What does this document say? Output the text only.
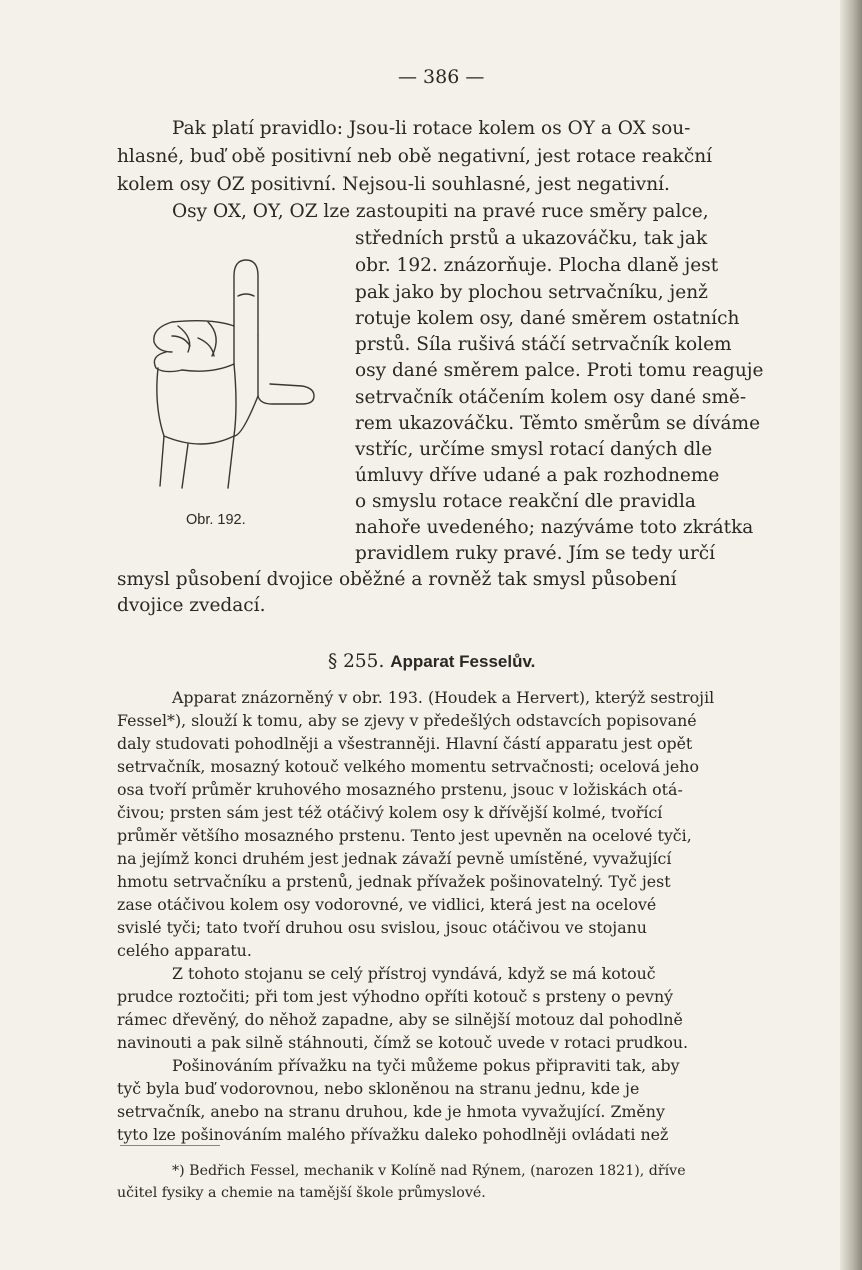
— 386 —
Pak platí pravidlo: Jsou-li rotace kolem os OY a OX sou-
hlasné, buď obě positivní neb obě negativní, jest rotace reakční
kolem osy OZ positivní. Nejsou-li souhlasné, jest negativní.
Osy OX, OY, OZ lze zastoupiti na pravé ruce směry palce,
středních prstů a ukazováčku, tak jak
obr. 192. znázorňuje. Plocha dlaně jest
pak jako by plochou setrvačníku, jenž
rotuje kolem osy, dané směrem ostatních
prstů. Síla rušivá stáčí setrvačník kolem
osy dané směrem palce. Proti tomu reaguje
setrvačník otáčením kolem osy dané smě-
rem ukazováčku. Těmto směrům se díváme
vstříc, určíme smysl rotací daných dle
úmluvy dříve udané a pak rozhodneme
o smyslu rotace reakční dle pravidla
nahoře uvedeného; nazýváme toto zkrátka
pravidlem ruky pravé. Jím se tedy určí
Obr. 192.
smysl působení dvojice oběžné a rovněž tak smysl působení
dvojice zvedací.
§ 255. Apparat Fesselův.
Apparat znázorněný v obr. 193. (Houdek a Hervert), kterýž sestrojil
Fessel*), slouží k tomu, aby se zjevy v předešlých odstavcích popisované
daly studovati pohodlněji a všestranněji. Hlavní částí apparatu jest opět
setrvačník, mosazný kotouč velkého momentu setrvačnosti; ocelová jeho
osa tvoří průměr kruhového mosazného prstenu, jsouc v ložiskách otá-
čivou; prsten sám jest též otáčivý kolem osy k dřívější kolmé, tvořící
průměr většího mosazného prstenu. Tento jest upevněn na ocelové tyči,
na jejímž konci druhém jest jednak závaží pevně umístěné, vyvažující
hmotu setrvačníku a prstenů, jednak přívažek pošinovatelný. Tyč jest
zase otáčivou kolem osy vodorovné, ve vidlici, která jest na ocelové
svislé tyči; tato tvoří druhou osu svislou, jsouc otáčivou ve stojanu
celého apparatu.
Z tohoto stojanu se celý přístroj vyndává, když se má kotouč
prudce roztočiti; při tom jest výhodno opříti kotouč s prsteny o pevný
rámec dřevěný, do něhož zapadne, aby se silnější motouz dal pohodlně
navinouti a pak silně stáhnouti, čímž se kotouč uvede v rotaci prudkou.
Pošinováním přívažku na tyči můžeme pokus připraviti tak, aby
tyč byla buď vodorovnou, nebo skloněnou na stranu jednu, kde je
setrvačník, anebo na stranu druhou, kde je hmota vyvažující. Změny
tyto lze pošinováním malého přívažku daleko pohodlněji ovládati než
*) Bedřich Fessel, mechanik v Kolíně nad Rýnem, (narozen 1821), dříve
učitel fysiky a chemie na tamější škole průmyslové.
